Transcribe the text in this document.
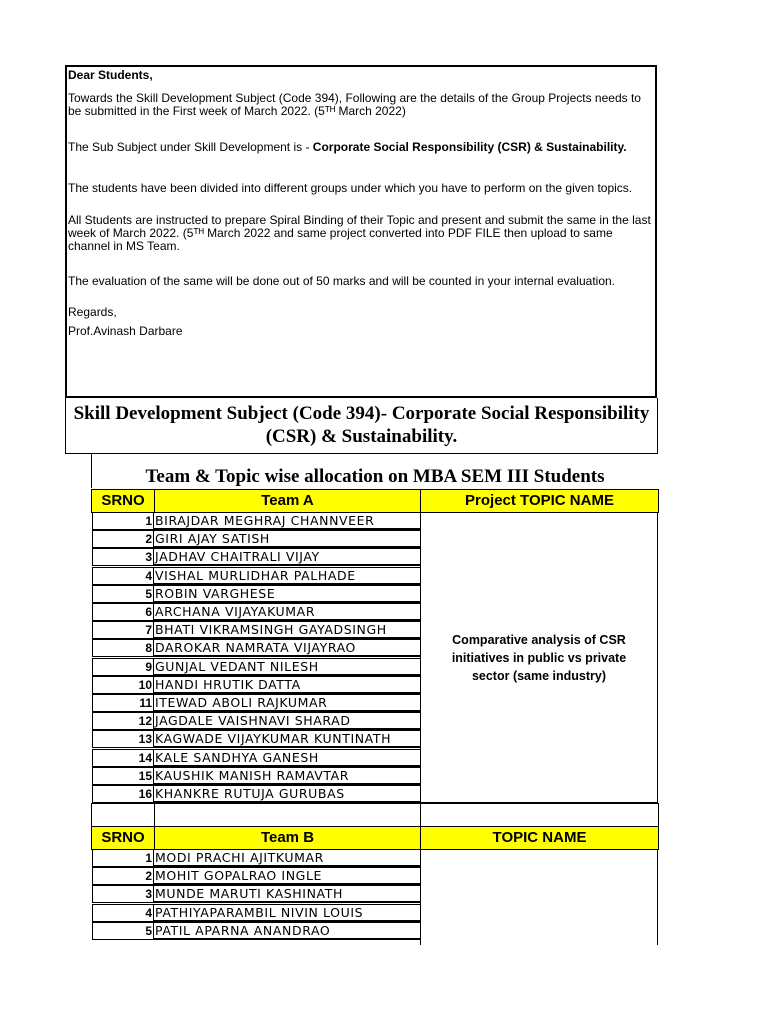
Dear Students,

Towards the Skill Development Subject (Code 394), Following are the details of the Group Projects needs to be submitted in the First week of March 2022. (5ᵀᴴ March 2022)

The Sub Subject under Skill Development is - Corporate Social Responsibility (CSR) & Sustainability.

The students have been divided into different groups under which you have to perform on the given topics.

All Students are instructed to prepare Spiral Binding of their Topic and present and submit the same in the last week of March 2022. (5ᵀᴴ March 2022 and same project converted into PDF FILE then upload to same channel in MS Team.

The evaluation of the same will be done out of 50 marks and will be counted in your internal evaluation.

Regards,

Prof.Avinash Darbare

Skill Development Subject (Code 394)- Corporate Social Responsibility (CSR) & Sustainability.
Team & Topic wise allocation on MBA SEM III Students
SRNO	Team A	Project TOPIC NAME
1 BIRAJDAR MEGHRAJ CHANNVEER
2 GIRI AJAY SATISH
3 JADHAV CHAITRALI VIJAY
4 VISHAL MURLIDHAR PALHADE
5 ROBIN VARGHESE
6 ARCHANA VIJAYAKUMAR
7 BHATI VIKRAMSINGH GAYADSINGH
8 DAROKAR NAMRATA VIJAYRAO
9 GUNJAL VEDANT NILESH
10 HANDI HRUTIK DATTA
11 ITEWAD ABOLI RAJKUMAR
12 JAGDALE VAISHNAVI SHARAD
13 KAGWADE VIJAYKUMAR KUNTINATH
14 KALE SANDHYA GANESH
15 KAUSHIK MANISH RAMAVTAR
16 KHANKRE RUTUJA GURUBAS
Comparative analysis of CSR initiatives in public vs private sector (same industry)
SRNO	Team B	TOPIC NAME
1 MODI PRACHI AJITKUMAR
2 MOHIT GOPALRAO INGLE
3 MUNDE MARUTI KASHINATH
4 PATHIYAPARAMBIL NIVIN LOUIS
5 PATIL APARNA ANANDRAO
